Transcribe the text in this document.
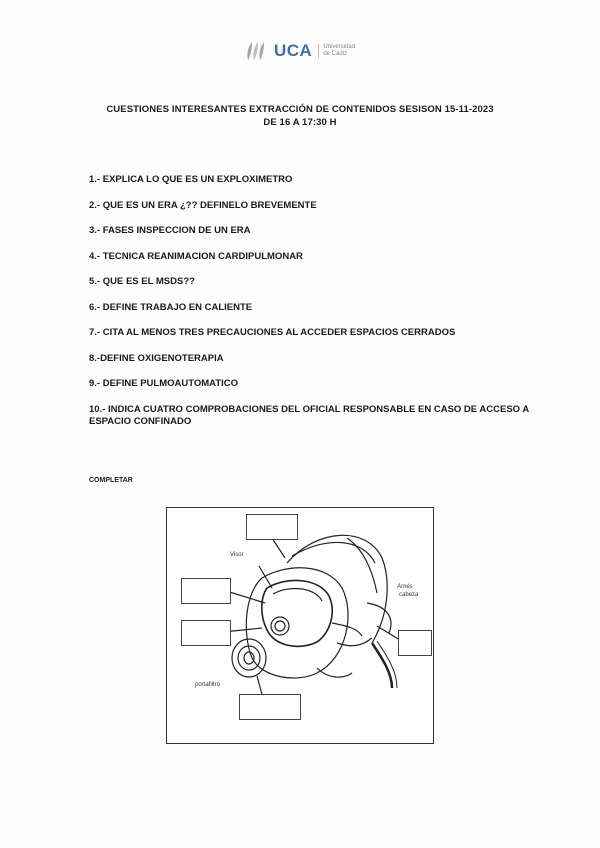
UCA Universidad
de Cádiz
CUESTIONES INTERESANTES EXTRACCIÓN DE CONTENIDOS SESISON 15-11-2023
DE 16 A 17:30 H
1.- EXPLICA LO QUE ES UN EXPLOXIMETRO
2.- QUE ES UN ERA ¿?? DEFINELO BREVEMENTE
3.- FASES INSPECCION DE UN ERA
4.- TECNICA REANIMACION CARDIPULMONAR
5.- QUE ES EL MSDS??
6.- DEFINE TRABAJO EN CALIENTE
7.- CITA AL MENOS TRES PRECAUCIONES AL ACCEDER ESPACIOS CERRADOS
8.-DEFINE OXIGENOTERAPIA
9.- DEFINE PULMOAUTOMATICO
10.- INDICA CUATRO COMPROBACIONES DEL OFICIAL RESPONSABLE EN CASO DE ACCESO A ESPACIO CONFINADO
COMPLETAR
Visor
Arnés
cabeza
portafiltro
